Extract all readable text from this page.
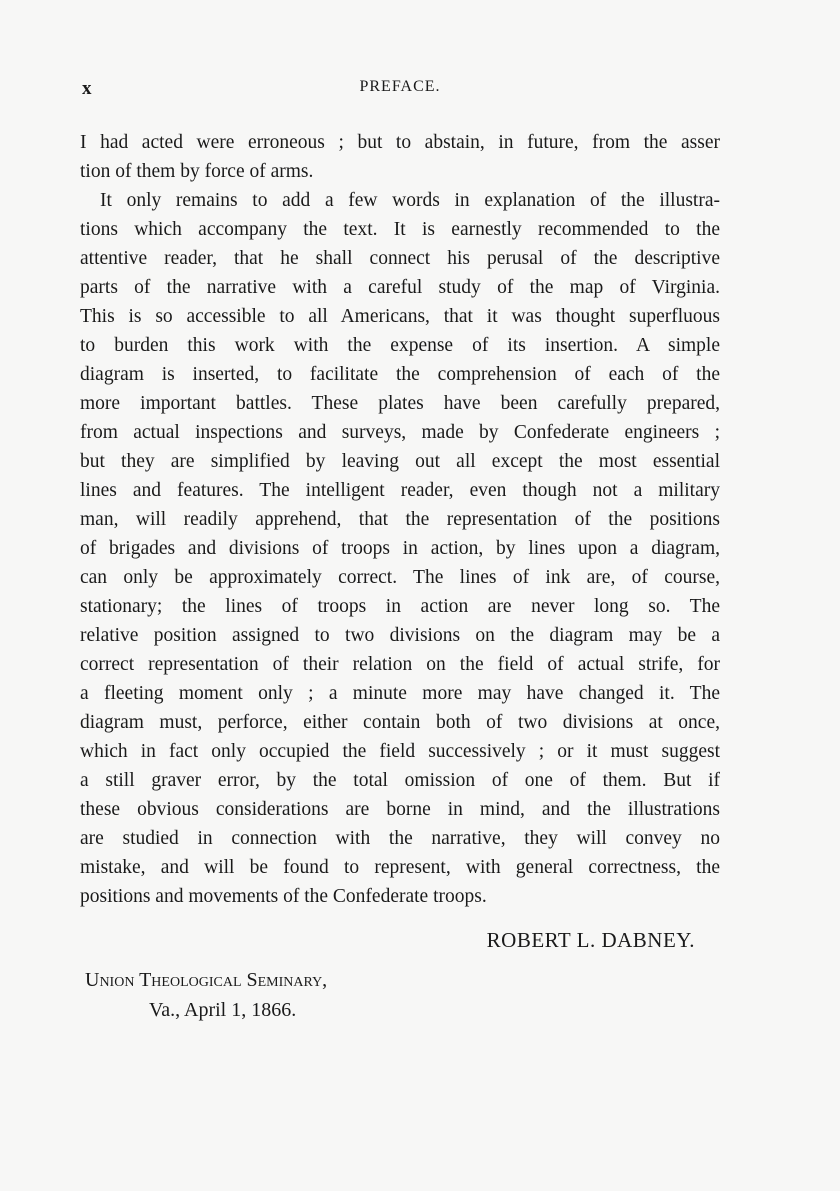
x	PREFACE.
I had acted were erroneous ; but to abstain, in future, from the asser
tion of them by force of arms.
It only remains to add a few words in explanation of the illustra-
tions which accompany the text. It is earnestly recommended to the
attentive reader, that he shall connect his perusal of the descriptive
parts of the narrative with a careful study of the map of Virginia.
This is so accessible to all Americans, that it was thought superfluous
to burden this work with the expense of its insertion. A simple
diagram is inserted, to facilitate the comprehension of each of the
more important battles. These plates have been carefully prepared,
from actual inspections and surveys, made by Confederate engineers ;
but they are simplified by leaving out all except the most essential
lines and features. The intelligent reader, even though not a military
man, will readily apprehend, that the representation of the positions
of brigades and divisions of troops in action, by lines upon a diagram,
can only be approximately correct. The lines of ink are, of course,
stationary; the lines of troops in action are never long so. The
relative position assigned to two divisions on the diagram may be a
correct representation of their relation on the field of actual strife, for
a fleeting moment only ; a minute more may have changed it. The
diagram must, perforce, either contain both of two divisions at once,
which in fact only occupied the field successively ; or it must suggest
a still graver error, by the total omission of one of them. But if
these obvious considerations are borne in mind, and the illustrations
are studied in connection with the narrative, they will convey no
mistake, and will be found to represent, with general correctness, the
positions and movements of the Confederate troops.
ROBERT L. DABNEY.
Union Theological Seminary,
Va., April 1, 1866.
